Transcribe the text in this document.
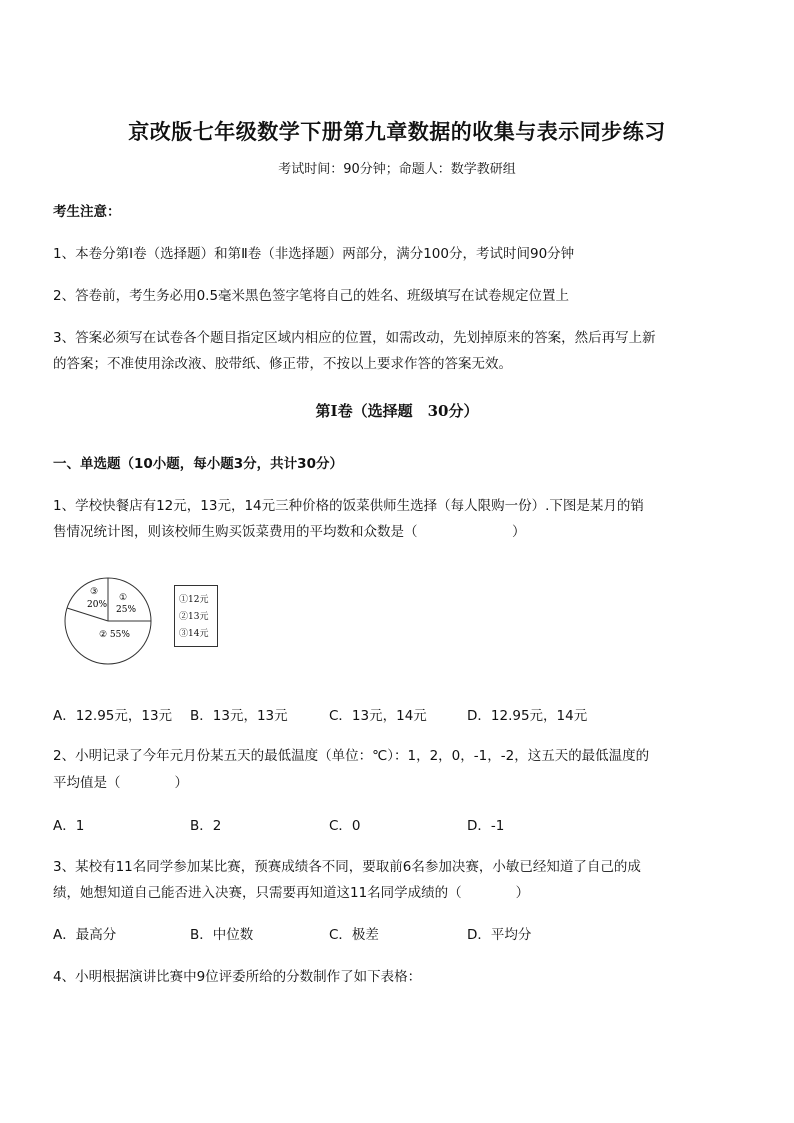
京改版七年级数学下册第九章数据的收集与表示同步练习
考试时间：90分钟；命题人：数学教研组
考生注意：
1、本卷分第Ⅰ卷（选择题）和第Ⅱ卷（非选择题）两部分，满分100分，考试时间90分钟
2、答卷前，考生务必用0.5毫米黑色签字笔将自己的姓名、班级填写在试卷规定位置上
3、答案必须写在试卷各个题目指定区域内相应的位置，如需改动，先划掉原来的答案，然后再写上新
的答案；不准使用涂改液、胶带纸、修正带，不按以上要求作答的答案无效。
第Ⅰ卷（选择题　30分）
一、单选题（10小题，每小题3分，共计30分）
1、学校快餐店有12元，13元，14元三种价格的饭菜供师生选择（每人限购一份）.下图是某月的销
售情况统计图，则该校师生购买饭菜费用的平均数和众数是（　　　　　　　）
③
20%
①
25%
② 55%
①12元
②13元
③14元
A．12.95元，13元 B．13元，13元	C．13元，14元	D．12.95元，14元
2、小明记录了今年元月份某五天的最低温度（单位：℃）：1，2，0，-1，-2，这五天的最低温度的
平均值是（　　　　）
A．1	B．2	C．0	D．-1
3、某校有11名同学参加某比赛，预赛成绩各不同，要取前6名参加决赛，小敏已经知道了自己的成
绩，她想知道自己能否进入决赛，只需要再知道这11名同学成绩的（　　　　）
A．最高分	B．中位数	C．极差	D．平均分
4、小明根据演讲比赛中9位评委所给的分数制作了如下表格：
